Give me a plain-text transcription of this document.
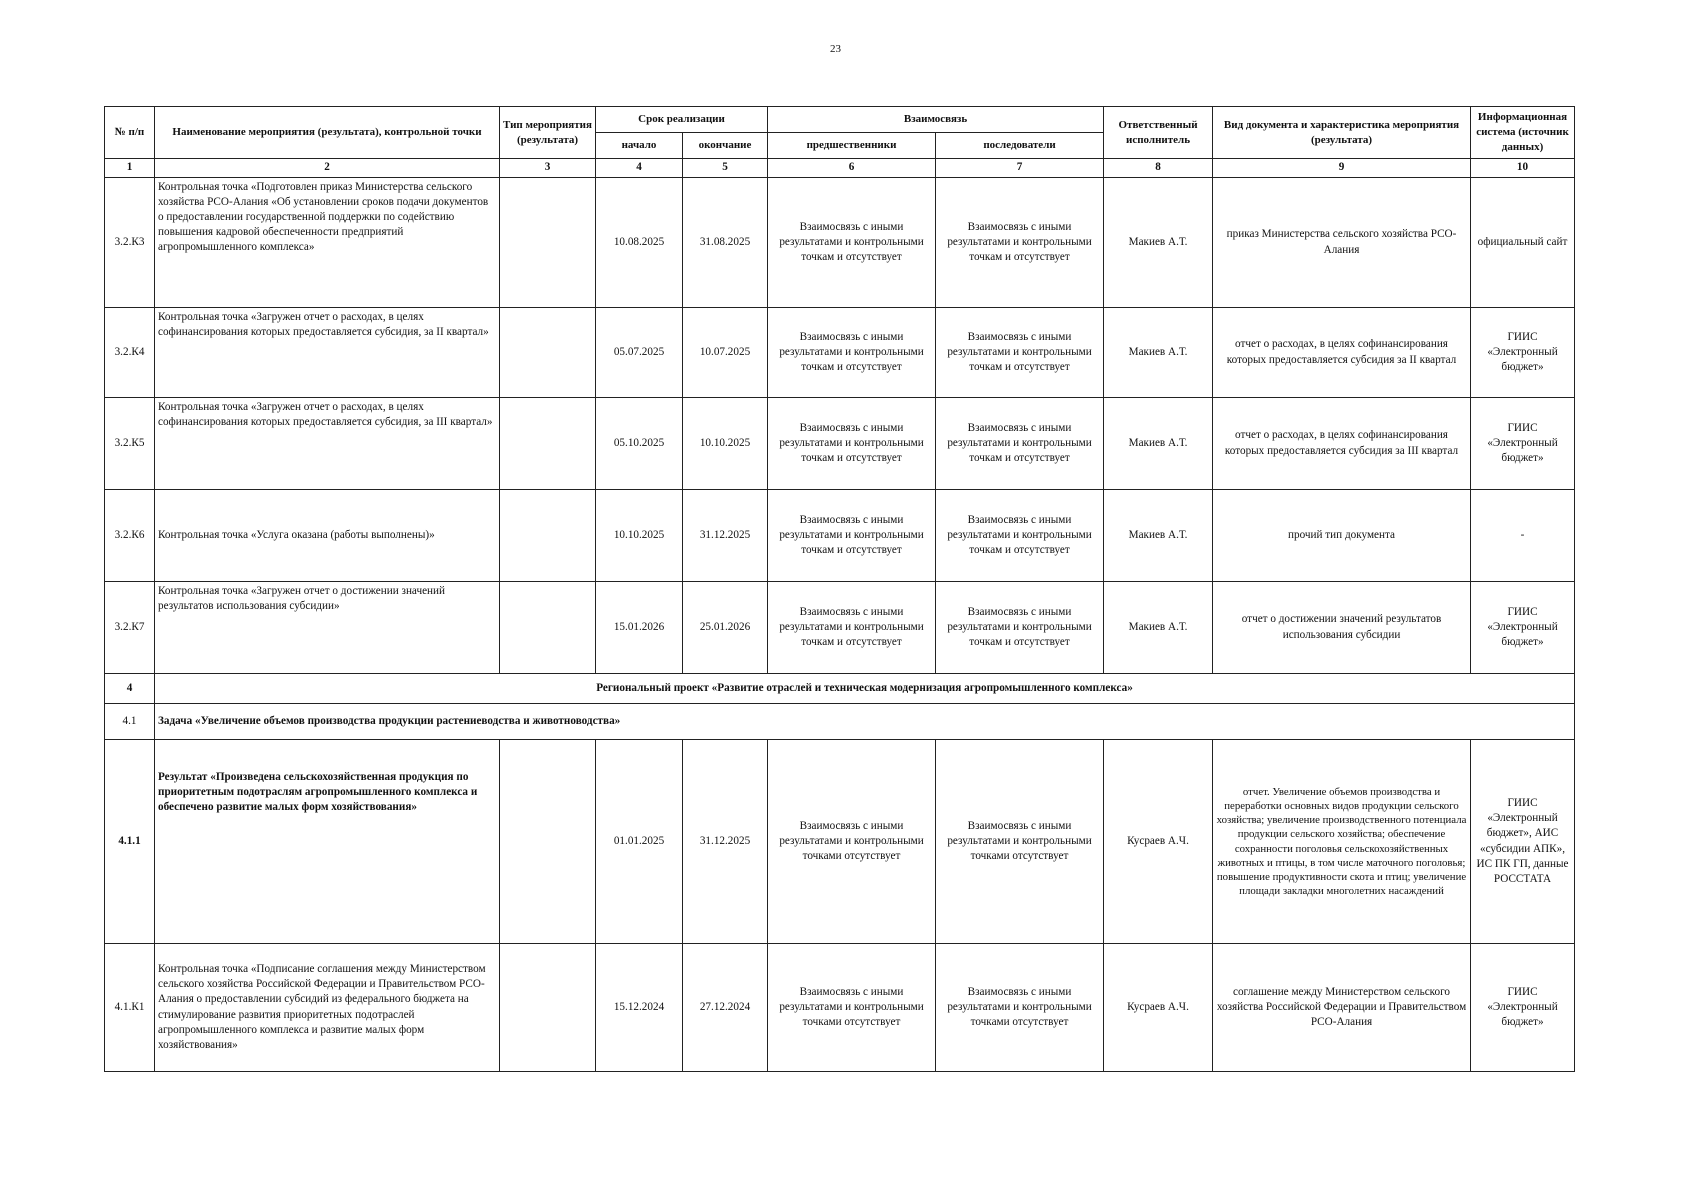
23
№ п/п	Наименование мероприятия (результата), контрольной точки	Тип мероприятия (результата)	Срок реализации		Взаимосвязь		Ответственный исполнитель	Вид документа и характеристика мероприятия (результата)	Информационная система (источник данных)
			начало	окончание	предшественники	последователи			
1	2	3	4	5	6	7	8	9	10
3.2.К3	Контрольная точка «Подготовлен приказ Министерства сельского хозяйства РСО-Алания «Об установлении сроков подачи документов о предоставлении государственной поддержки по содействию повышения кадровой обеспеченности предприятий агропромышленного комплекса»		10.08.2025	31.08.2025	Взаимосвязь с иными результатами и контрольными точкам и отсутствует	Взаимосвязь с иными результатами и контрольными точкам и отсутствует	Макиев А.Т.	приказ Министерства сельского хозяйства РСО-Алания	официальный сайт
3.2.К4	Контрольная точка «Загружен отчет о расходах, в целях софинансирования которых предоставляется субсидия, за II квартал»		05.07.2025	10.07.2025	Взаимосвязь с иными результатами и контрольными точкам и отсутствует	Взаимосвязь с иными результатами и контрольными точкам и отсутствует	Макиев А.Т.	отчет о расходах, в целях софинансирования которых предоставляется субсидия за II квартал	ГИИС «Электронный бюджет»
3.2.К5	Контрольная точка «Загружен отчет о расходах, в целях софинансирования которых предоставляется субсидия, за III квартал»		05.10.2025	10.10.2025	Взаимосвязь с иными результатами и контрольными точкам и отсутствует	Взаимосвязь с иными результатами и контрольными точкам и отсутствует	Макиев А.Т.	отчет о расходах, в целях софинансирования которых предоставляется субсидия за III квартал	ГИИС «Электронный бюджет»
3.2.К6	Контрольная точка «Услуга оказана (работы выполнены)»		10.10.2025	31.12.2025	Взаимосвязь с иными результатами и контрольными точкам и отсутствует	Взаимосвязь с иными результатами и контрольными точкам и отсутствует	Макиев А.Т.	прочий тип документа	-
3.2.К7	Контрольная точка «Загружен отчет о достижении значений результатов использования субсидии»		15.01.2026	25.01.2026	Взаимосвязь с иными результатами и контрольными точкам и отсутствует	Взаимосвязь с иными результатами и контрольными точкам и отсутствует	Макиев А.Т.	отчет о достижении значений результатов использования субсидии	ГИИС «Электронный бюджет»
4	Региональный проект «Развитие отраслей и техническая модернизация агропромышленного комплекса»								
4.1	Задача «Увеличение объемов производства продукции растениеводства и животноводства»								
4.1.1	Результат «Произведена сельскохозяйственная продукция по приоритетным подотраслям агропромышленного комплекса и обеспечено развитие малых форм хозяйствования»		01.01.2025	31.12.2025	Взаимосвязь с иными результатами и контрольными точками отсутствует	Взаимосвязь с иными результатами и контрольными точками отсутствует	Кусраев А.Ч.	отчет. Увеличение объемов производства и переработки основных видов продукции сельского хозяйства; увеличение производственного потенциала продукции сельского хозяйства; обеспечение сохранности поголовья сельскохозяйственных животных и птицы, в том числе маточного поголовья; повышение продуктивности скота и птиц; увеличение площади закладки многолетних насаждений	ГИИС «Электронный бюджет», АИС «субсидии АПК», ИС ПК ГП, данные РОССТАТА
4.1.К1	Контрольная точка «Подписание соглашения между Министерством сельского хозяйства Российской Федерации и Правительством РСО-Алания о предоставлении субсидий из федерального бюджета на стимулирование развития приоритетных подотраслей агропромышленного комплекса и развитие малых форм хозяйствования»		15.12.2024	27.12.2024	Взаимосвязь с иными результатами и контрольными точками отсутствует	Взаимосвязь с иными результатами и контрольными точками отсутствует	Кусраев А.Ч.	соглашение между Министерством сельского хозяйства Российской Федерации и Правительством РСО-Алания	ГИИС «Электронный бюджет»
